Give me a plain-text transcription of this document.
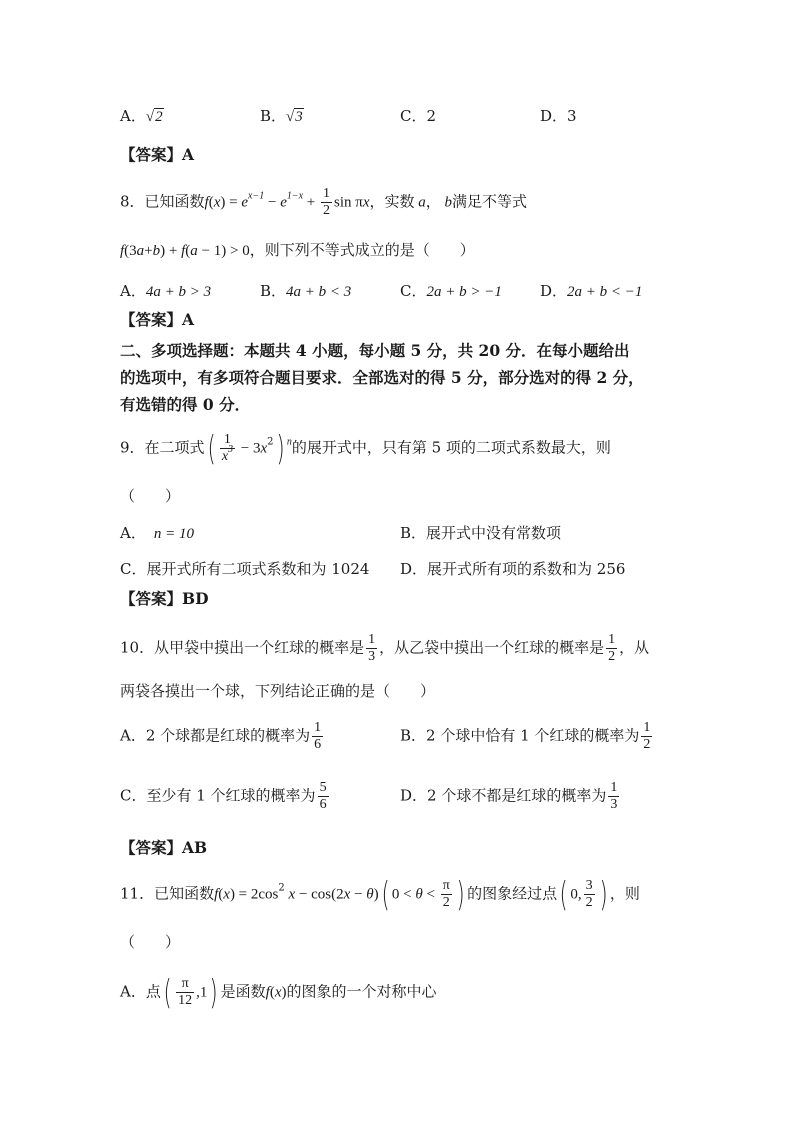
A．√2	B．√3	C．2	D．3
【答案】A
8．已知函数$f(x) = e^{x-1} - e^{1-x} + \frac{1}{2}$ sin πx，实数 a， b满足不等式
f(3a+b) + f(a − 1) > 0，则下列不等式成立的是（　　）
A．4a + b > 3	B．4a + b < 3	C．2a + b > −1	D．2a + b < −1
【答案】A
二、多项选择题：本题共 4 小题，每小题 5 分，共 20 分．在每小题给出
的选项中，有多项符合题目要求．全部选对的得 5 分，部分选对的得 2 分，
有选错的得 0 分．
9．在二项式( $\frac{1}{x^3} - 3x^2$) $^n$的展开式中，只有第 5 项的二项式系数最大，则
（　　）
A． n = 10	B．展开式中没有常数项
C．展开式所有二项式系数和为 1024 D．展开式所有项的系数和为 256
【答案】BD
10．从甲袋中摸出一个红球的概率是 $\frac{1}{3}$ ，从乙袋中摸出一个红球的概率是 $\frac{1}{2}$ ，从
两袋各摸出一个球，下列结论正确的是（　　）
A．2 个球都是红球的概率为 $\frac{1}{6}$	B．2 个球中恰有 1 个红球的概率为 $\frac{1}{2}$
C．至少有 1 个红球的概率为 $\frac{5}{6}$	D．2 个球不都是红球的概率为 $\frac{1}{3}$
【答案】AB
11．已知函数$f(x) = 2\cos^2$ x − cos(2x − θ)( $0 < \theta < \frac{\pi}{2}$ ) 的图象经过点( 0, $\frac{3}{2}$ ) ，则
（　　）
A．点( $\frac{\pi}{12} ,1$) 是函数f(x)的图象的一个对称中心
